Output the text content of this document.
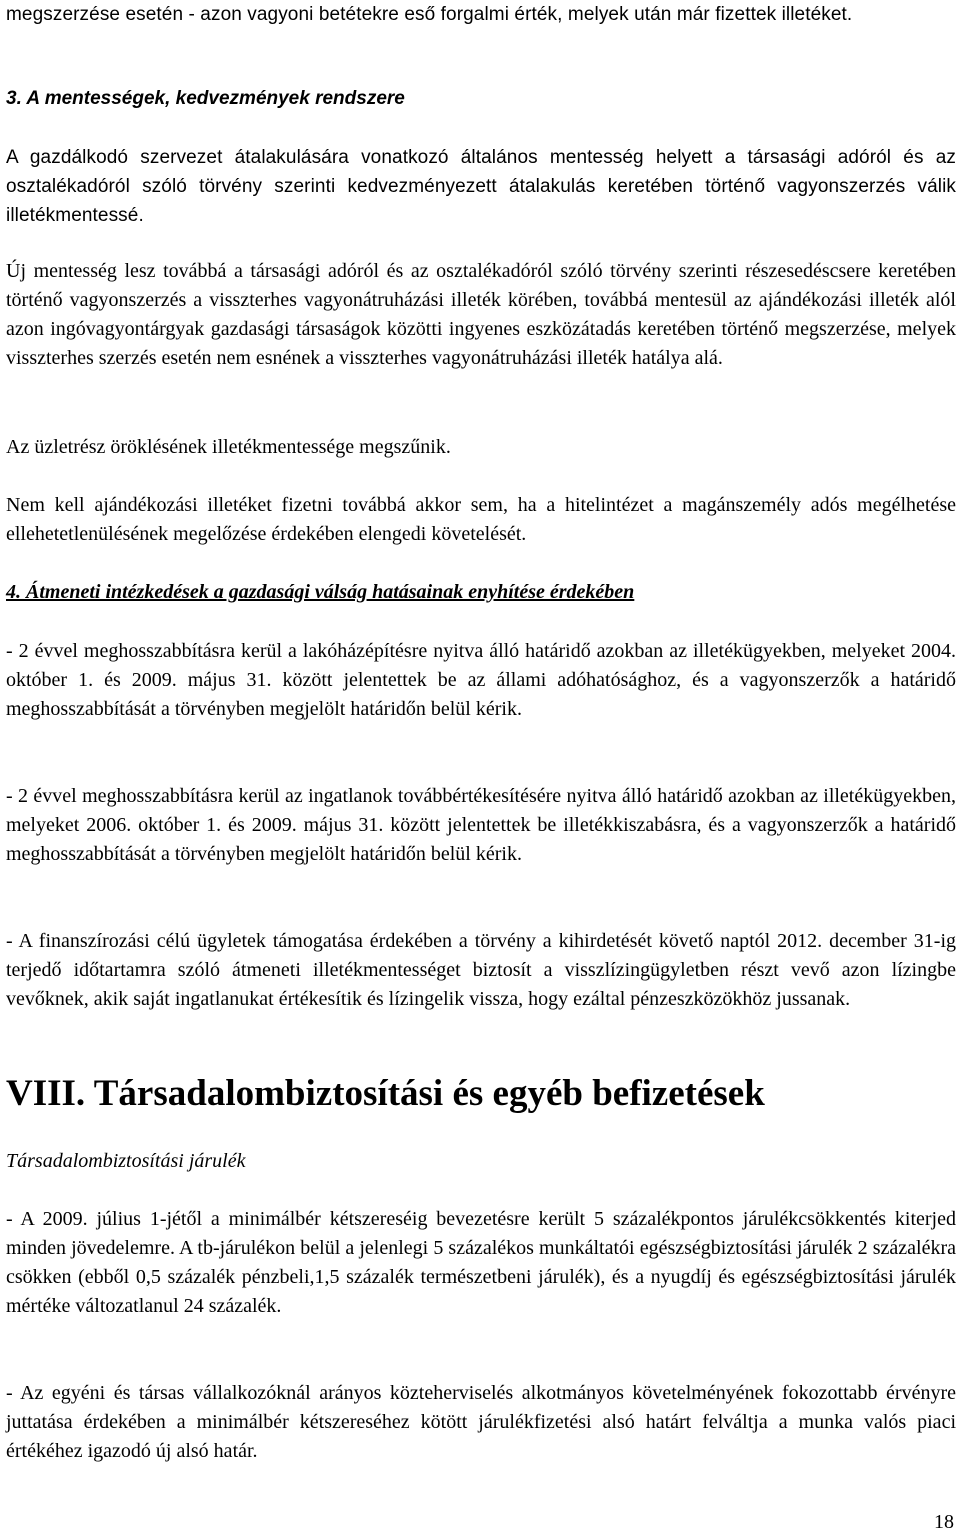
megszerzése esetén - azon vagyoni betétekre eső forgalmi érték, melyek után már fizettek illetéket.

3. A mentességek, kedvezmények rendszere

A gazdálkodó szervezet átalakulására vonatkozó általános mentesség helyett a társasági adóról és az osztalékadóról szóló törvény szerinti kedvezményezett átalakulás keretében történő vagyonszerzés válik illetékmentessé.

Új mentesség lesz továbbá a társasági adóról és az osztalékadóról szóló törvény szerinti részesedéscsere keretében történő vagyonszerzés a visszterhes vagyonátruházási illeték körében, továbbá mentesül az ajándékozási illeték alól azon ingóvagyontárgyak gazdasági társaságok közötti ingyenes eszközátadás keretében történő megszerzése, melyek visszterhes szerzés esetén nem esnének a visszterhes vagyonátruházási illeték hatálya alá.

Az üzletrész öröklésének illetékmentessége megszűnik.

Nem kell ajándékozási illetéket fizetni továbbá akkor sem, ha a hitelintézet a magánszemély adós megélhetése ellehetetlenülésének megelőzése érdekében elengedi követelését.

4. Átmeneti intézkedések a gazdasági válság hatásainak enyhítése érdekében

- 2 évvel meghosszabbításra kerül a lakóházépítésre nyitva álló határidő azokban az illetékügyekben, melyeket 2004. október 1. és 2009. május 31. között jelentettek be az állami adóhatósághoz, és a vagyonszerzők a határidő meghosszabbítását a törvényben megjelölt határidőn belül kérik.

- 2 évvel meghosszabbításra kerül az ingatlanok továbbértékesítésére nyitva álló határidő azokban az illetékügyekben, melyeket 2006. október 1. és 2009. május 31. között jelentettek be illetékkiszabásra, és a vagyonszerzők a határidő meghosszabbítását a törvényben megjelölt határidőn belül kérik.

- A finanszírozási célú ügyletek támogatása érdekében a törvény a kihirdetését követő naptól 2012. december 31-ig terjedő időtartamra szóló átmeneti illetékmentességet biztosít a visszlízingügyletben részt vevő azon lízingbe vevőknek, akik saját ingatlanukat értékesítik és lízingelik vissza, hogy ezáltal pénzeszközökhöz jussanak.

VIII. Társadalombiztosítási és egyéb befizetések

Társadalombiztosítási járulék

- A 2009. július 1-jétől a minimálbér kétszereséig bevezetésre került 5 százalékpontos járulékcsökkentés kiterjed minden jövedelemre. A tb-járulékon belül a jelenlegi 5 százalékos munkáltatói egészségbiztosítási járulék 2 százalékra csökken (ebből 0,5 százalék pénzbeli,1,5 százalék természetbeni járulék), és a nyugdíj és egészségbiztosítási járulék mértéke változatlanul 24 százalék.

- Az egyéni és társas vállalkozóknál arányos közteherviselés alkotmányos követelményének fokozottabb érvényre juttatása érdekében a minimálbér kétszereséhez kötött járulékfizetési alsó határt felváltja a munka valós piaci értékéhez igazodó új alsó határ.

18
